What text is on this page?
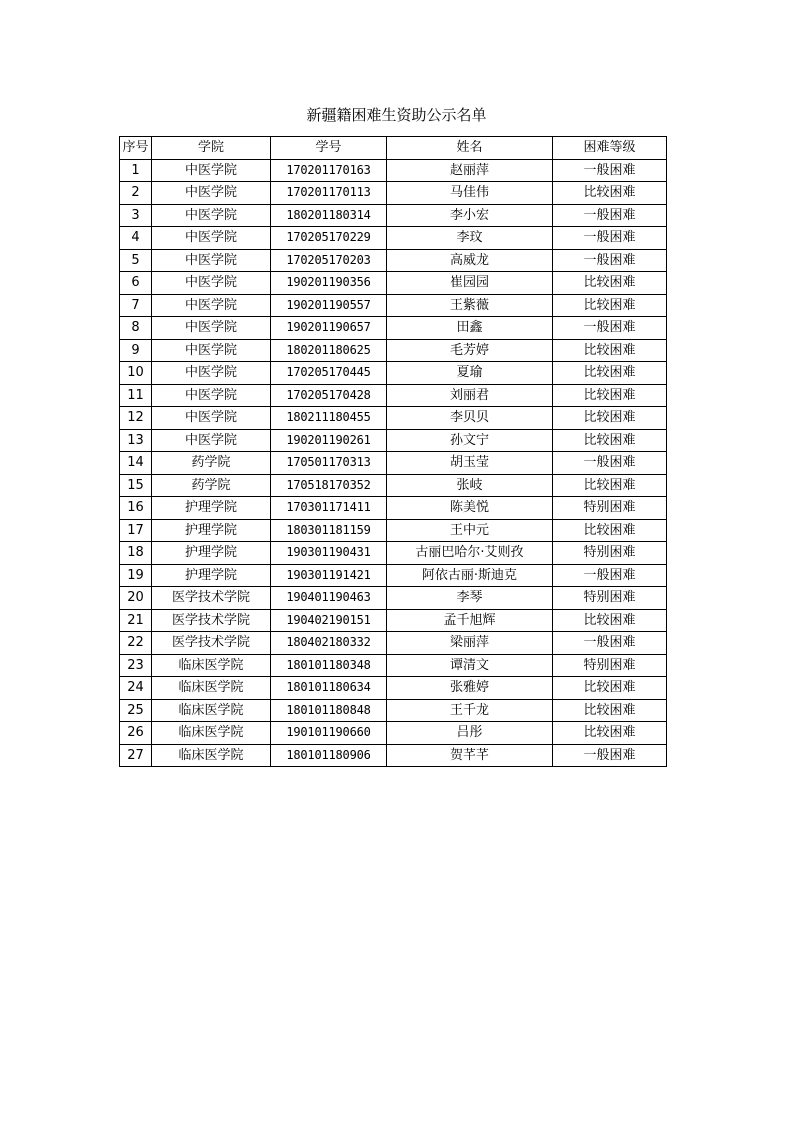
新疆籍困难生资助公示名单
序号	学院	学号	姓名	困难等级
1	中医学院	170201170163	赵丽萍	一般困难
2	中医学院	170201170113	马佳伟	比较困难
3	中医学院	180201180314	李小宏	一般困难
4	中医学院	170205170229	李玟	一般困难
5	中医学院	170205170203	高威龙	一般困难
6	中医学院	190201190356	崔园园	比较困难
7	中医学院	190201190557	王紫薇	比较困难
8	中医学院	190201190657	田鑫	一般困难
9	中医学院	180201180625	毛芳婷	比较困难
10	中医学院	170205170445	夏瑜	比较困难
11	中医学院	170205170428	刘丽君	比较困难
12	中医学院	180211180455	李贝贝	比较困难
13	中医学院	190201190261	孙文宁	比较困难
14	药学院	170501170313	胡玉莹	一般困难
15	药学院	170518170352	张岐	比较困难
16	护理学院	170301171411	陈美悦	特别困难
17	护理学院	180301181159	王中元	比较困难
18	护理学院	190301190431	古丽巴哈尔·艾则孜	特别困难
19	护理学院	190301191421	阿依古丽·斯迪克	一般困难
20	医学技术学院	190401190463	李琴	特别困难
21	医学技术学院	190402190151	孟千旭辉	比较困难
22	医学技术学院	180402180332	梁丽萍	一般困难
23	临床医学院	180101180348	谭清文	特别困难
24	临床医学院	180101180634	张雅婷	比较困难
25	临床医学院	180101180848	王千龙	比较困难
26	临床医学院	190101190660	吕彤	比较困难
27	临床医学院	180101180906	贺芊芊	一般困难
